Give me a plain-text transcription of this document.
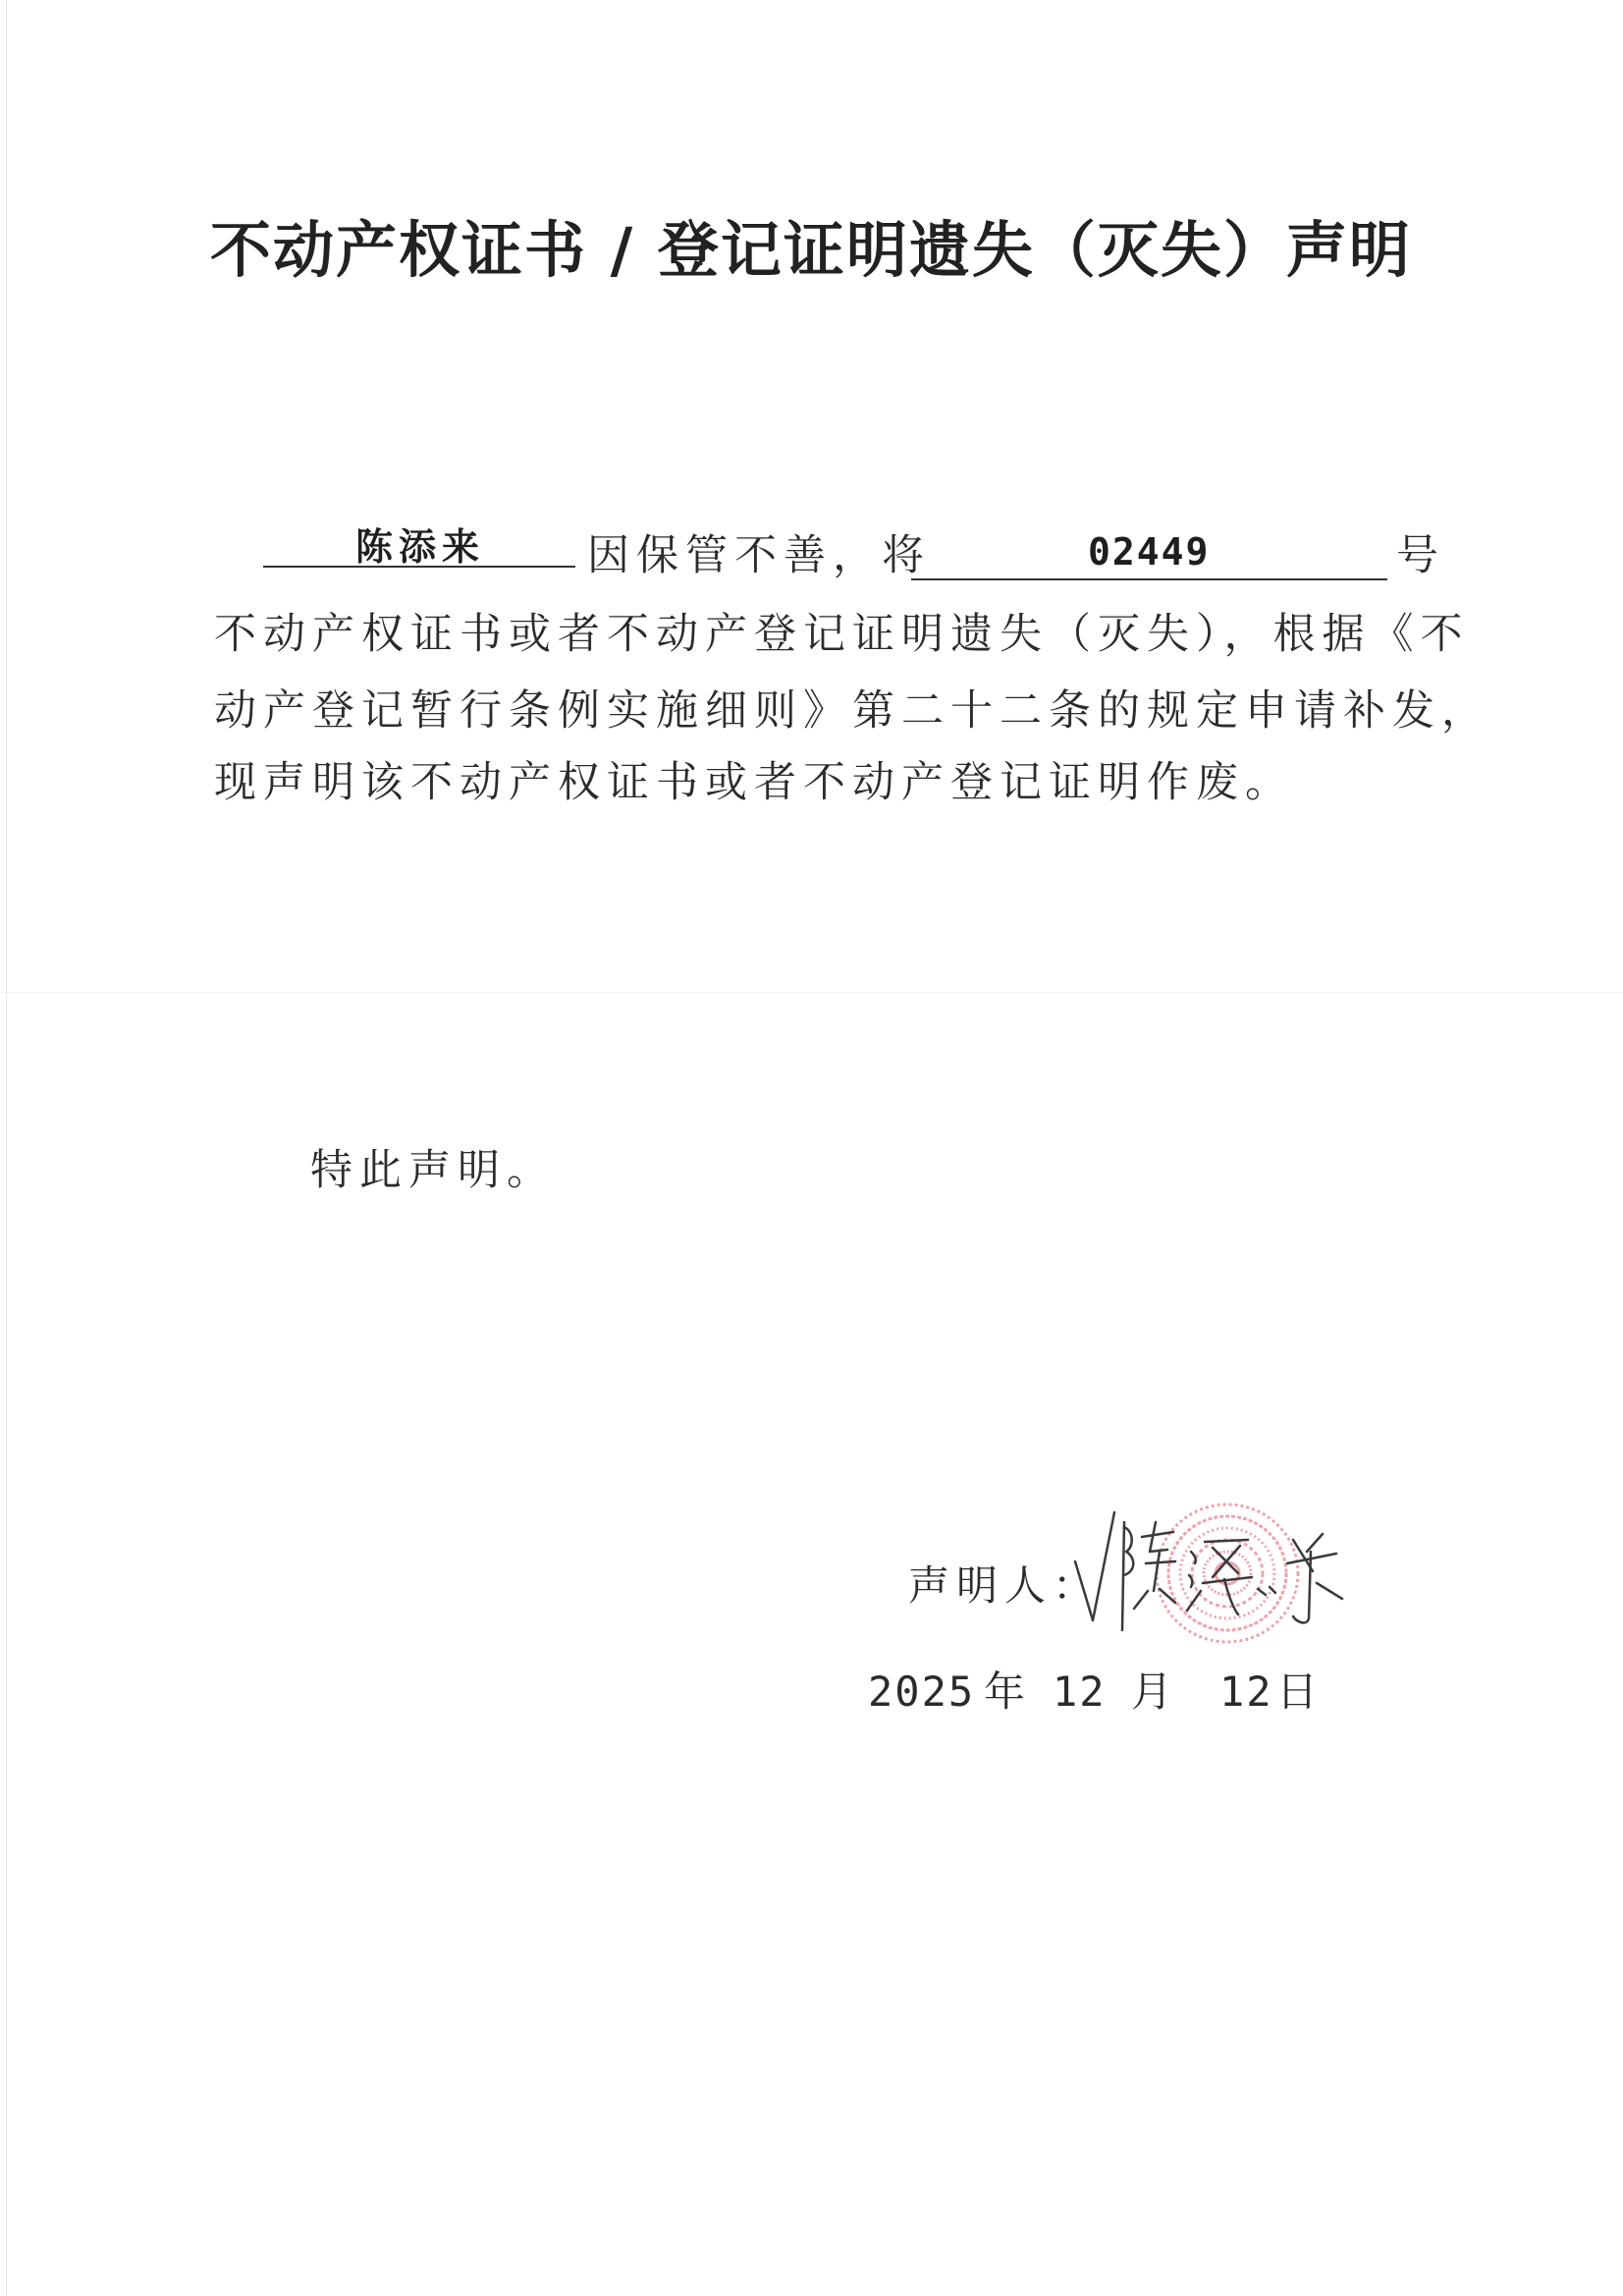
不动产权证书 / 登记证明遗失（灭失）声明
陈添来 因保管不善，将	02449	号
不动产权证书或者不动产登记证明遗失（灭失），根据《不
动产登记暂行条例实施细则》第二十二条的规定申请补发，
现声明该不动产权证书或者不动产登记证明作废。
特此声明。
声明人：
2025 年 12 月 12日
